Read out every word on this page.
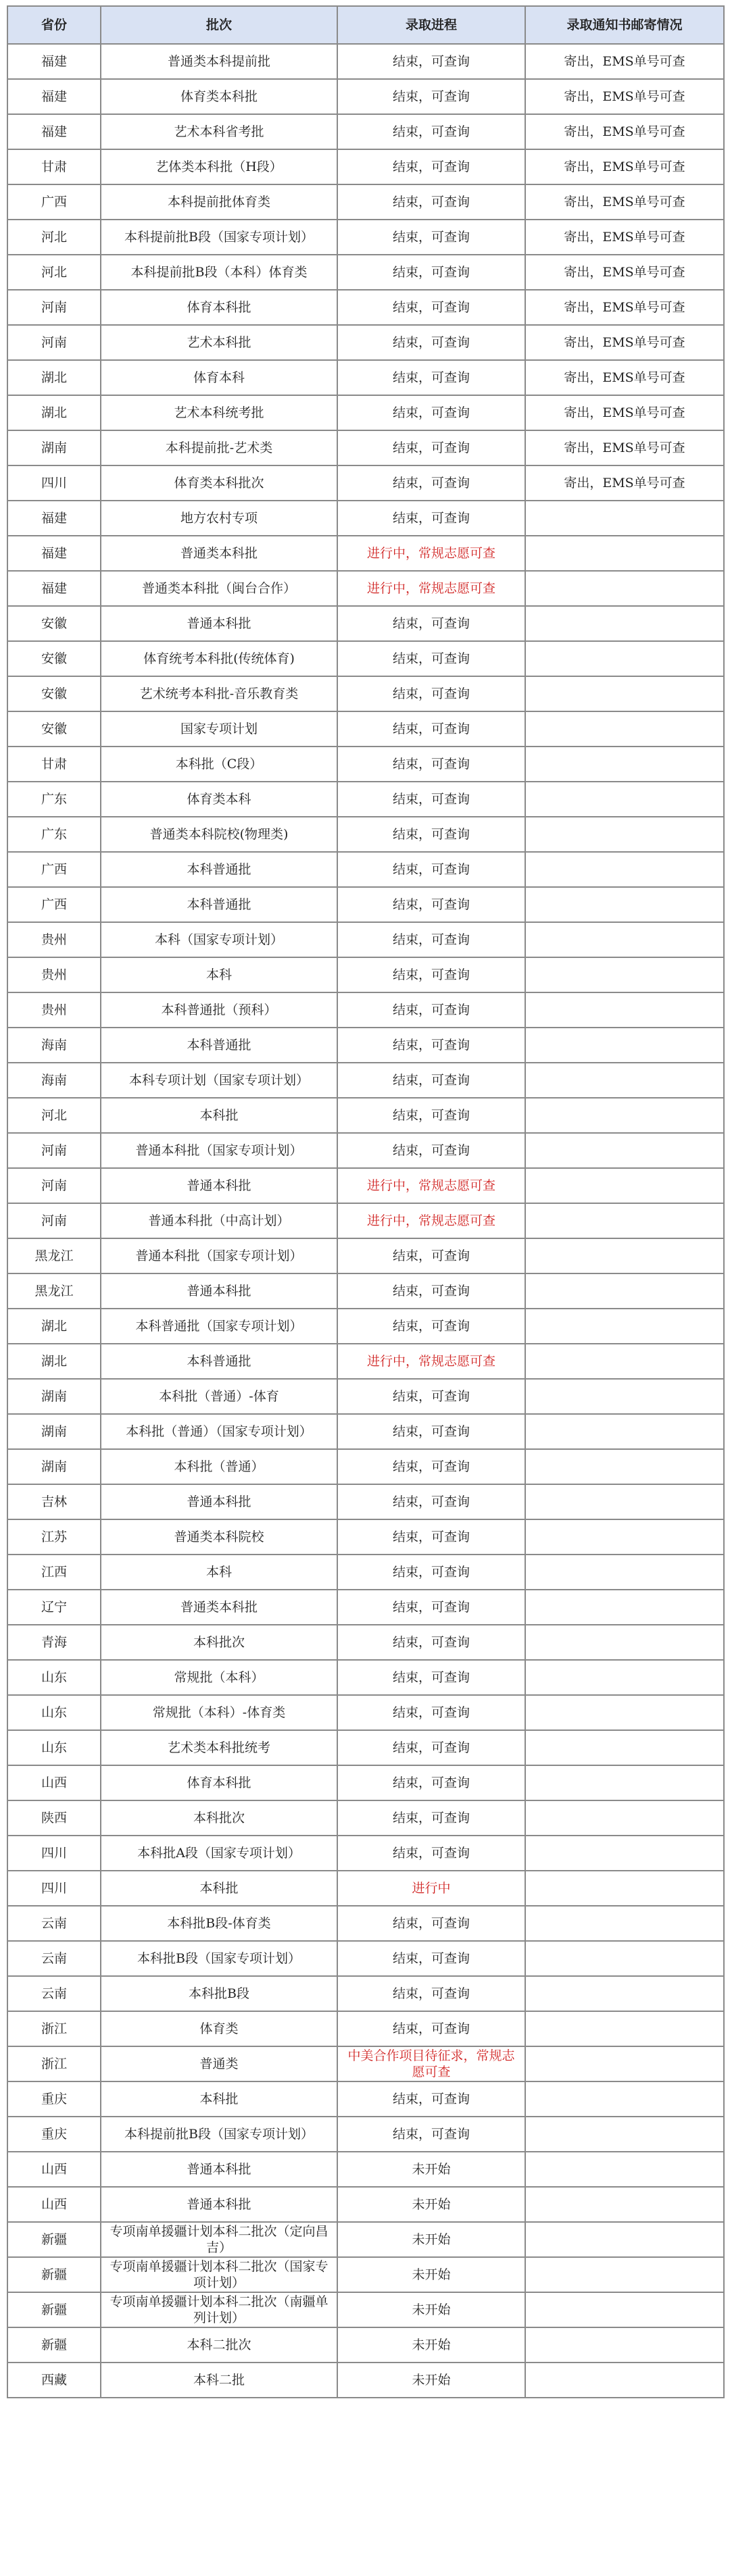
省份	批次	录取进程	录取通知书邮寄情况
福建	普通类本科提前批	结束，可查询	寄出，EMS单号可查
福建	体育类本科批	结束，可查询	寄出，EMS单号可查
福建	艺术本科省考批	结束，可查询	寄出，EMS单号可查
甘肃	艺体类本科批（H段）	结束，可查询	寄出，EMS单号可查
广西	本科提前批体育类	结束，可查询	寄出，EMS单号可查
河北	本科提前批B段（国家专项计划）	结束，可查询	寄出，EMS单号可查
河北	本科提前批B段（本科）体育类	结束，可查询	寄出，EMS单号可查
河南	体育本科批	结束，可查询	寄出，EMS单号可查
河南	艺术本科批	结束，可查询	寄出，EMS单号可查
湖北	体育本科	结束，可查询	寄出，EMS单号可查
湖北	艺术本科统考批	结束，可查询	寄出，EMS单号可查
湖南	本科提前批-艺术类	结束，可查询	寄出，EMS单号可查
四川	体育类本科批次	结束，可查询	寄出，EMS单号可查
福建	地方农村专项	结束，可查询	
福建	普通类本科批	进行中，常规志愿可查	
福建	普通类本科批（闽台合作）	进行中，常规志愿可查	
安徽	普通本科批	结束，可查询	
安徽	体育统考本科批(传统体育)	结束，可查询	
安徽	艺术统考本科批-音乐教育类	结束，可查询	
安徽	国家专项计划	结束，可查询	
甘肃	本科批（C段）	结束，可查询	
广东	体育类本科	结束，可查询	
广东	普通类本科院校(物理类)	结束，可查询	
广西	本科普通批	结束，可查询	
广西	本科普通批	结束，可查询	
贵州	本科（国家专项计划）	结束，可查询	
贵州	本科	结束，可查询	
贵州	本科普通批（预科）	结束，可查询	
海南	本科普通批	结束，可查询	
海南	本科专项计划（国家专项计划）	结束，可查询	
河北	本科批	结束，可查询	
河南	普通本科批（国家专项计划）	结束，可查询	
河南	普通本科批	进行中，常规志愿可查	
河南	普通本科批（中高计划）	进行中，常规志愿可查	
黑龙江	普通本科批（国家专项计划）	结束，可查询	
黑龙江	普通本科批	结束，可查询	
湖北	本科普通批（国家专项计划）	结束，可查询	
湖北	本科普通批	进行中，常规志愿可查	
湖南	本科批（普通）-体育	结束，可查询	
湖南	本科批（普通）（国家专项计划）	结束，可查询	
湖南	本科批（普通）	结束，可查询	
吉林	普通本科批	结束，可查询	
江苏	普通类本科院校	结束，可查询	
江西	本科	结束，可查询	
辽宁	普通类本科批	结束，可查询	
青海	本科批次	结束，可查询	
山东	常规批（本科）	结束，可查询	
山东	常规批（本科）-体育类	结束，可查询	
山东	艺术类本科批统考	结束，可查询	
山西	体育本科批	结束，可查询	
陕西	本科批次	结束，可查询	
四川	本科批A段（国家专项计划）	结束，可查询	
四川	本科批	进行中	
云南	本科批B段-体育类	结束，可查询	
云南	本科批B段（国家专项计划）	结束，可查询	
云南	本科批B段	结束，可查询	
浙江	体育类	结束，可查询	
浙江	普通类	中美合作项目待征求，常规志愿可查	
重庆	本科批	结束，可查询	
重庆	本科提前批B段（国家专项计划）	结束，可查询	
山西	普通本科批	未开始	
山西	普通本科批	未开始	
新疆	专项南单援疆计划本科二批次（定向昌吉）	未开始	
新疆	专项南单援疆计划本科二批次（国家专项计划）	未开始	
新疆	专项南单援疆计划本科二批次（南疆单列计划）	未开始	
新疆	本科二批次	未开始	
西藏	本科二批	未开始	
